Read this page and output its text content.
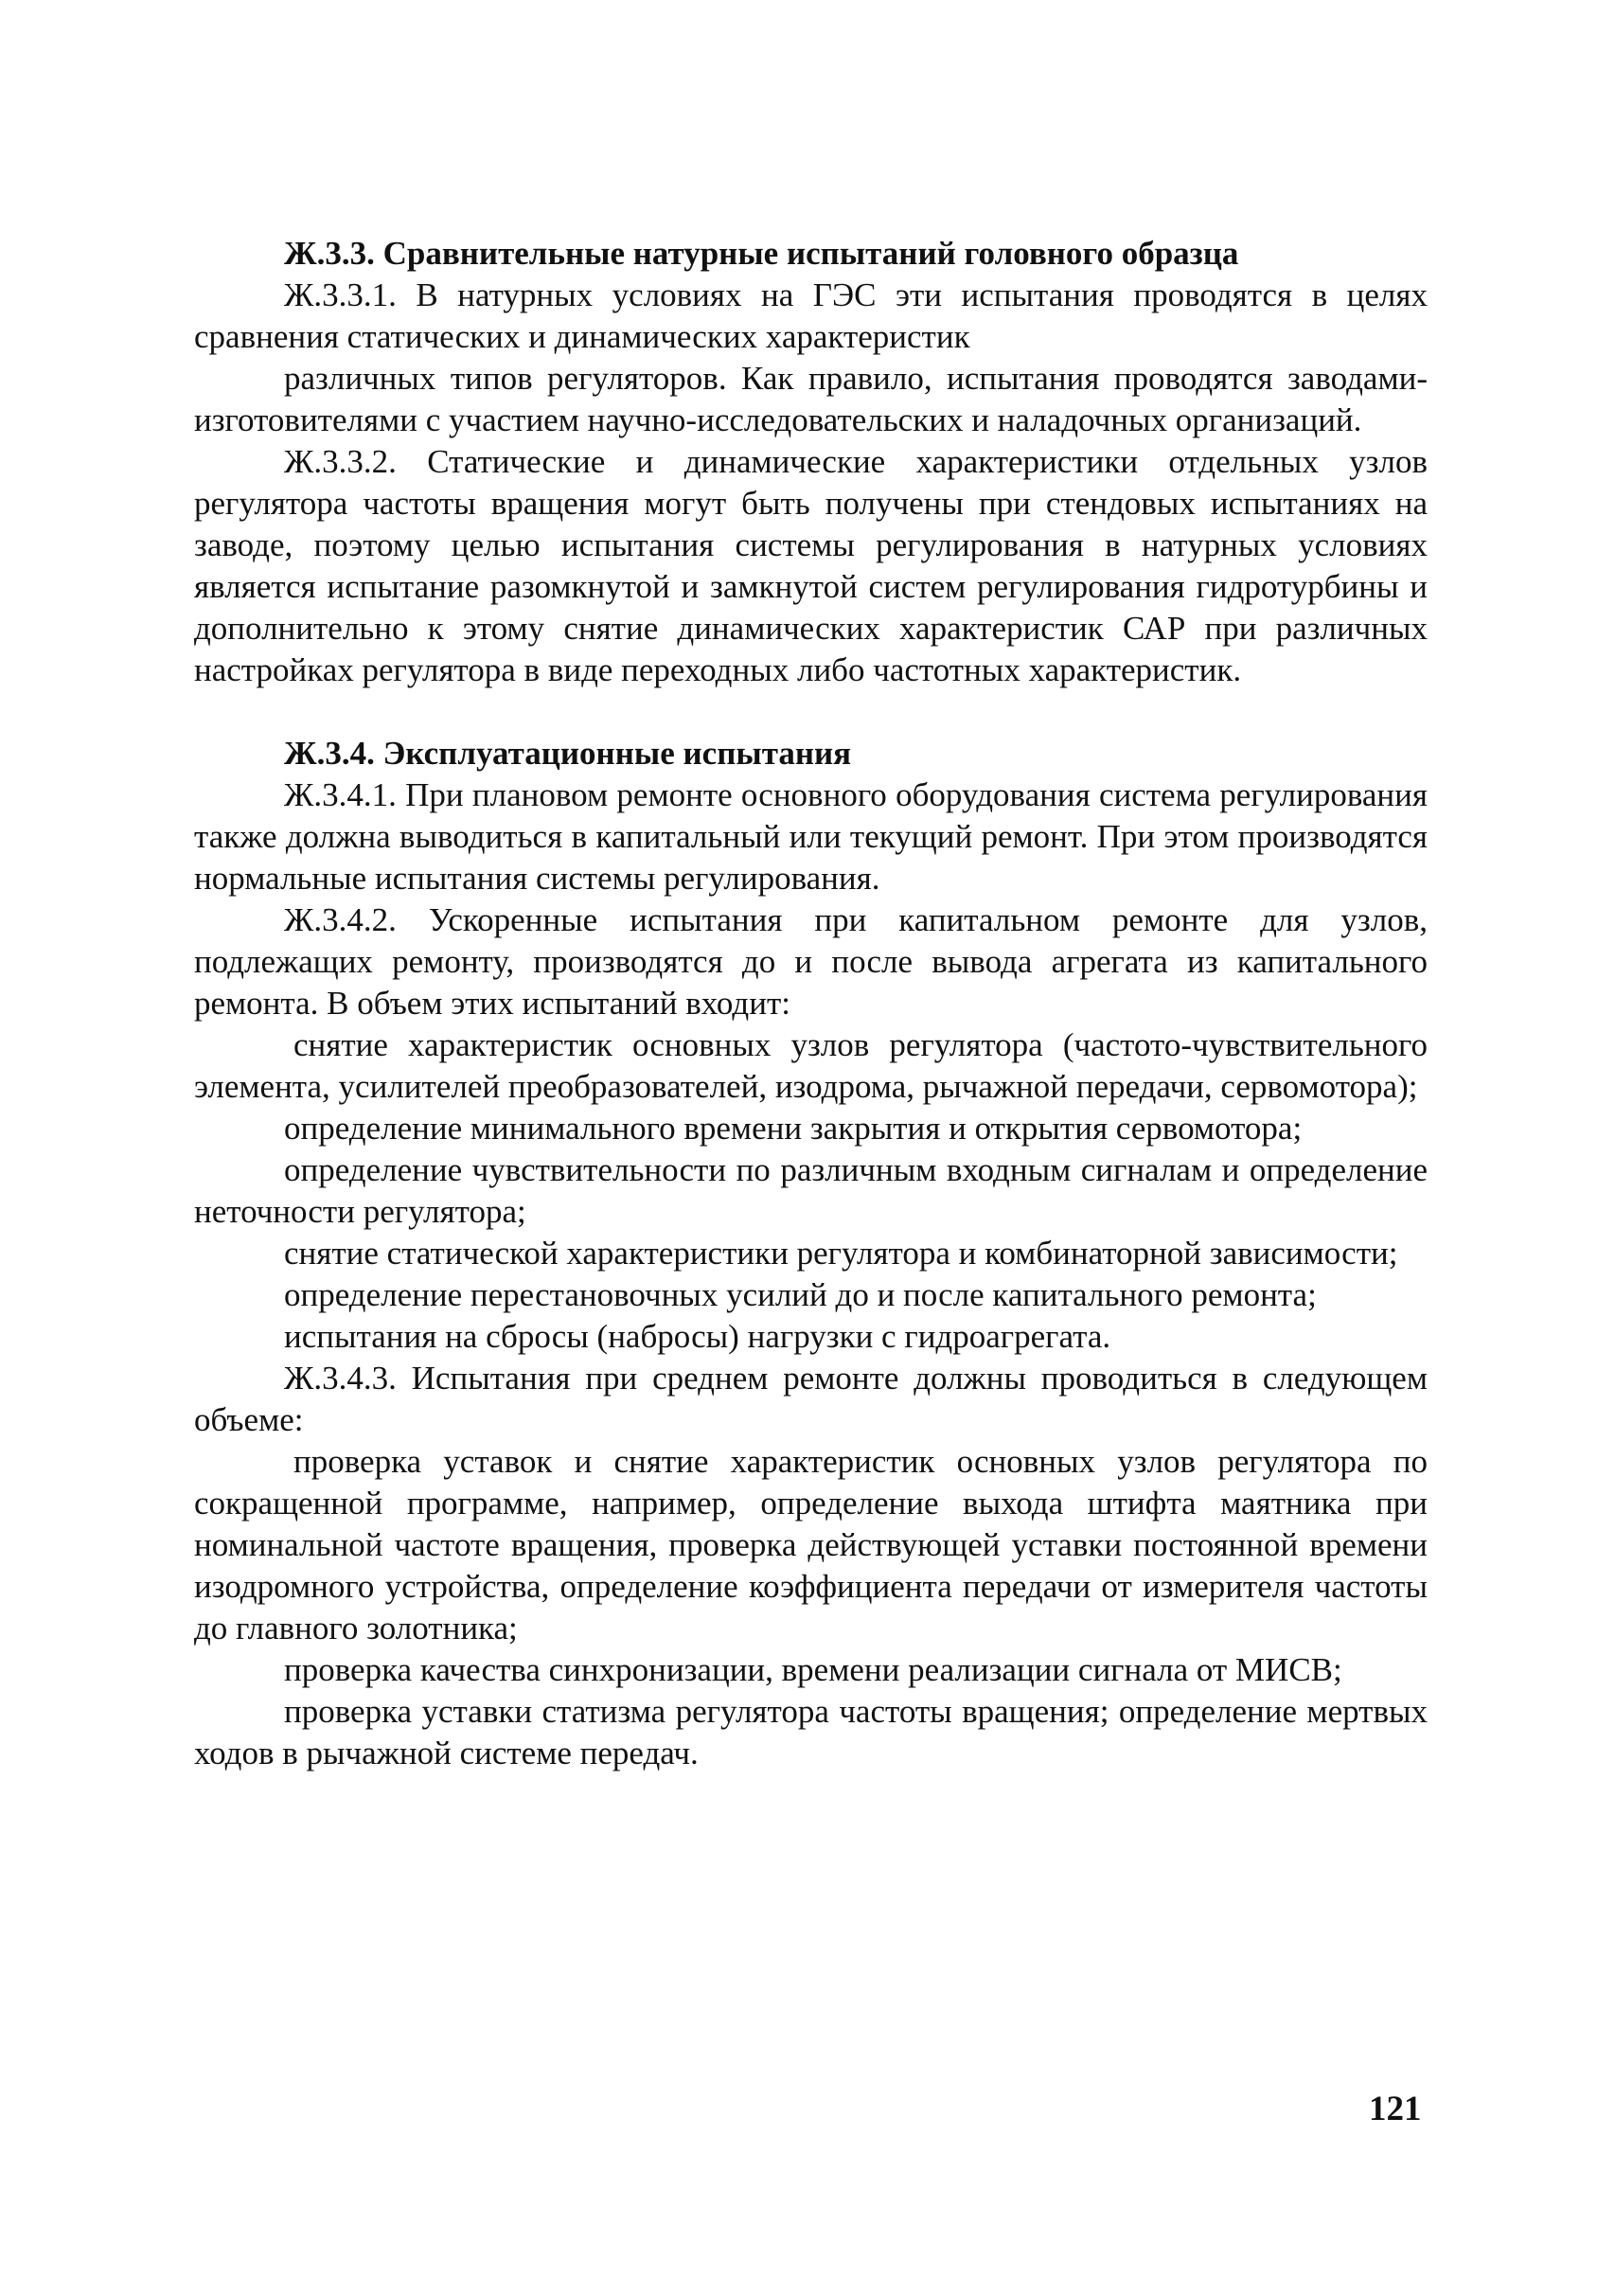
Ж.3.3. Сравнительные натурные испытаний головного образца

Ж.3.3.1. В натурных условиях на ГЭС эти испытания проводятся в целях сравнения статических и динамических характеристик

различных типов регуляторов. Как правило, испытания проводятся заводами-изготовителями с участием научно-исследовательских и наладочных организаций.

Ж.3.3.2. Статические и динамические характеристики отдельных узлов регулятора частоты вращения могут быть получены при стендовых испытаниях на заводе, поэтому целью испытания системы регулирования в натурных условиях является испытание разомкнутой и замкнутой систем регулирования гидротурбины и дополнительно к этому снятие динамических характеристик САР при различных настройках регулятора в виде переходных либо частотных характеристик.

Ж.3.4. Эксплуатационные испытания

Ж.3.4.1. При плановом ремонте основного оборудования система регулирования также должна выводиться в капитальный или текущий ремонт. При этом производятся нормальные испытания системы регулирования.

Ж.3.4.2. Ускоренные испытания при капитальном ремонте для узлов, подлежащих ремонту, производятся до и после вывода агрегата из капитального ремонта. В объем этих испытаний входит:

снятие характеристик основных узлов регулятора (частото-чувствительного элемента, усилителей преобразователей, изодрома, рычажной передачи, сервомотора);

определение минимального времени закрытия и открытия сервомотора;

определение чувствительности по различным входным сигналам и определение неточности регулятора;

снятие статической характеристики регулятора и комбинаторной зависимости;

определение перестановочных усилий до и после капитального ремонта;

испытания на сбросы (набросы) нагрузки с гидроагрегата.

Ж.3.4.3. Испытания при среднем ремонте должны проводиться в следующем объеме:

проверка уставок и снятие характеристик основных узлов регулятора по сокращенной программе, например, определение выхода штифта маятника при номинальной частоте вращения, проверка действующей уставки постоянной времени изодромного устройства, определение коэффициента передачи от измерителя частоты до главного золотника;

проверка качества синхронизации, времени реализации сигнала от МИСВ;

проверка уставки статизма регулятора частоты вращения; определение мертвых ходов в рычажной системе передач.

121
